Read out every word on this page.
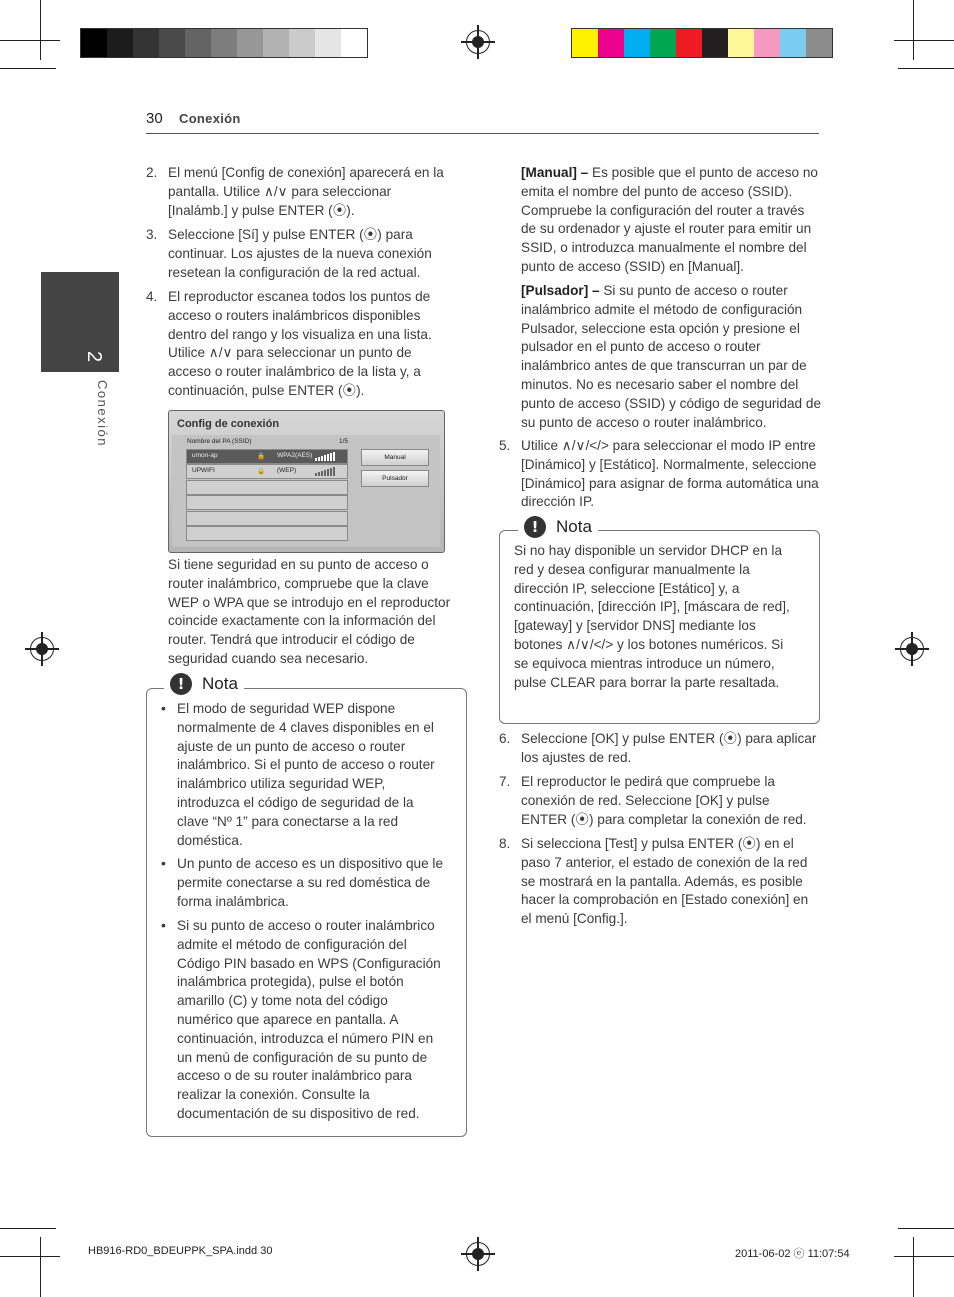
30 Conexión
2
Conexión
2. El menú [Config de conexión] aparecerá en la pantalla. Utilice ∧/∨ para seleccionar [Inalámb.] y pulse ENTER (⦿).
3. Seleccione [Sí] y pulse ENTER (⦿) para continuar. Los ajustes de la nueva conexión resetean la configuración de la red actual.
4. El reproductor escanea todos los puntos de acceso o routers inalámbricos disponibles dentro del rango y los visualiza en una lista. Utilice ∧/∨ para seleccionar un punto de acceso o router inalámbrico de la lista y, a continuación, pulse ENTER (⦿).
Config de conexión
Nombre del PA (SSID)	1/5
umon-ap	🔒 WPA2(AES)
UPWIFI	🔒 (WEP)
Manual
Pulsador
Si tiene seguridad en su punto de acceso o router inalámbrico, compruebe que la clave WEP o WPA que se introdujo en el reproductor coincide exactamente con la información del router. Tendrá que introducir el código de seguridad cuando sea necesario.
!	Nota
• El modo de seguridad WEP dispone normalmente de 4 claves disponibles en el ajuste de un punto de acceso o router inalámbrico. Si el punto de acceso o router inalámbrico utiliza seguridad WEP, introduzca el código de seguridad de la clave “Nº 1” para conectarse a la red doméstica.
• Un punto de acceso es un dispositivo que le permite conectarse a su red doméstica de forma inalámbrica.
• Si su punto de acceso o router inalámbrico admite el método de configuración del Código PIN basado en WPS (Configuración inalámbrica protegida), pulse el botón amarillo (C) y tome nota del código numérico que aparece en pantalla. A continuación, introduzca el número PIN en un menú de configuración de su punto de acceso o de su router inalámbrico para realizar la conexión. Consulte la documentación de su dispositivo de red.
[Manual] – Es posible que el punto de acceso no emita el nombre del punto de acceso (SSID). Compruebe la configuración del router a través de su ordenador y ajuste el router para emitir un SSID, o introduzca manualmente el nombre del punto de acceso (SSID) en [Manual].
[Pulsador] – Si su punto de acceso o router inalámbrico admite el método de configuración Pulsador, seleccione esta opción y presione el pulsador en el punto de acceso o router inalámbrico antes de que transcurran un par de minutos. No es necesario saber el nombre del punto de acceso (SSID) y código de seguridad de su punto de acceso o router inalámbrico.
5. Utilice ∧/∨/</> para seleccionar el modo IP entre [Dinámico] y [Estático]. Normalmente, seleccione [Dinámico] para asignar de forma automática una dirección IP.
!	Nota
Si no hay disponible un servidor DHCP en la red y desea configurar manualmente la dirección IP, seleccione [Estático] y, a continuación, [dirección IP], [máscara de red], [gateway] y [servidor DNS] mediante los botones ∧/∨/</> y los botones numéricos. Si se equivoca mientras introduce un número, pulse CLEAR para borrar la parte resaltada.
6. Seleccione [OK] y pulse ENTER (⦿) para aplicar los ajustes de red.
7. El reproductor le pedirá que compruebe la conexión de red. Seleccione [OK] y pulse ENTER (⦿) para completar la conexión de red.
8. Si selecciona [Test] y pulsa ENTER (⦿) en el paso 7 anterior, el estado de conexión de la red se mostrará en la pantalla. Además, es posible hacer la comprobación en [Estado conexión] en el menú [Config.].
HB916-RD0_BDEUPPK_SPA.indd 30	2011-06-02 ⓔ 11:07:54
